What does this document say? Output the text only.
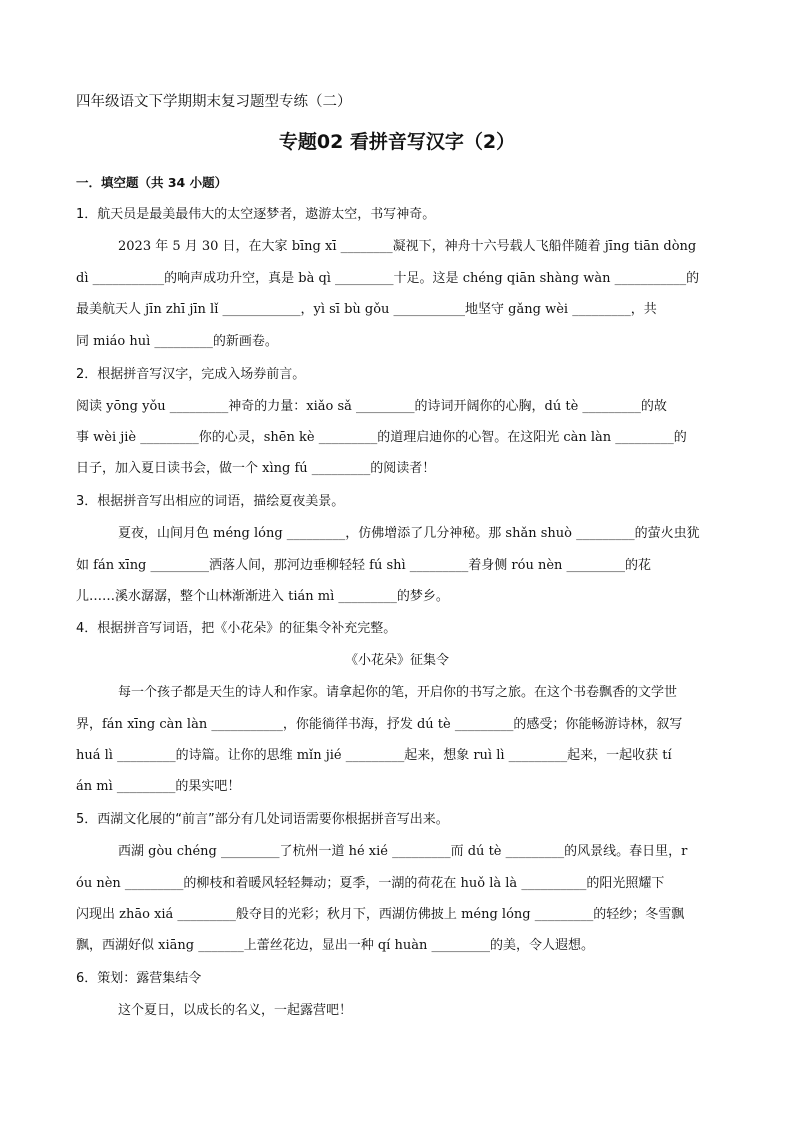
四年级语文下学期期末复习题型专练（二）
专题02 看拼音写汉字（2）
一．填空题（共 34 小题）
1．航天员是最美最伟大的太空逐梦者，遨游太空，书写神奇。
2023 年 5 月 30 日，在大家 bīng xī ________凝视下，神舟十六号载人飞船伴随着 jīng tiān dòng
dì ___________的响声成功升空，真是 bà qì _________十足。这是 chéng qiān shàng wàn ___________的
最美航天人 jīn zhī jīn lǐ ____________，yì sī bù gǒu ___________地坚守 gǎng wèi _________，共
同 miáo huì _________的新画卷。
2．根据拼音写汉字，完成入场券前言。
阅读 yōng yǒu _________神奇的力量：xiǎo sǎ _________的诗词开阔你的心胸，dú tè _________的故
事 wèi jiè _________你的心灵，shēn kè _________的道理启迪你的心智。在这阳光 càn làn _________的
日子，加入夏日读书会，做一个 xìng fú _________的阅读者！
3．根据拼音写出相应的词语，描绘夏夜美景。
夏夜，山间月色 méng lóng _________，仿佛增添了几分神秘。那 shǎn shuò _________的萤火虫犹
如 fán xīng _________洒落人间，那河边垂柳轻轻 fú shì _________着身侧 róu nèn _________的花
儿……溪水潺潺，整个山林渐渐进入 tián mì _________的梦乡。
4．根据拼音写词语，把《小花朵》的征集令补充完整。
《小花朵》征集令
每一个孩子都是天生的诗人和作家。请拿起你的笔，开启你的书写之旅。在这个书卷飘香的文学世
界，fán xīng càn làn ___________，你能徜徉书海，抒发 dú tè _________的感受；你能畅游诗林，叙写
huá lì _________的诗篇。让你的思维 mǐn jié _________起来，想象 ruì lì _________起来，一起收获 tí
án mì _________的果实吧！
5．西湖文化展的“前言”部分有几处词语需要你根据拼音写出来。
西湖 gòu chéng _________了杭州一道 hé xié _________而 dú tè _________的风景线。春日里，r
óu nèn _________的柳枝和着暖风轻轻舞动；夏季，一湖的荷花在 huǒ là là __________的阳光照耀下
闪现出 zhāo xiá _________般夺目的光彩；秋月下，西湖仿佛披上 méng lóng _________的轻纱；冬雪飘
飘，西湖好似 xiāng _______上蕾丝花边，显出一种 qí huàn _________的美，令人遐想。
6．策划：露营集结令
这个夏日，以成长的名义，一起露营吧！
